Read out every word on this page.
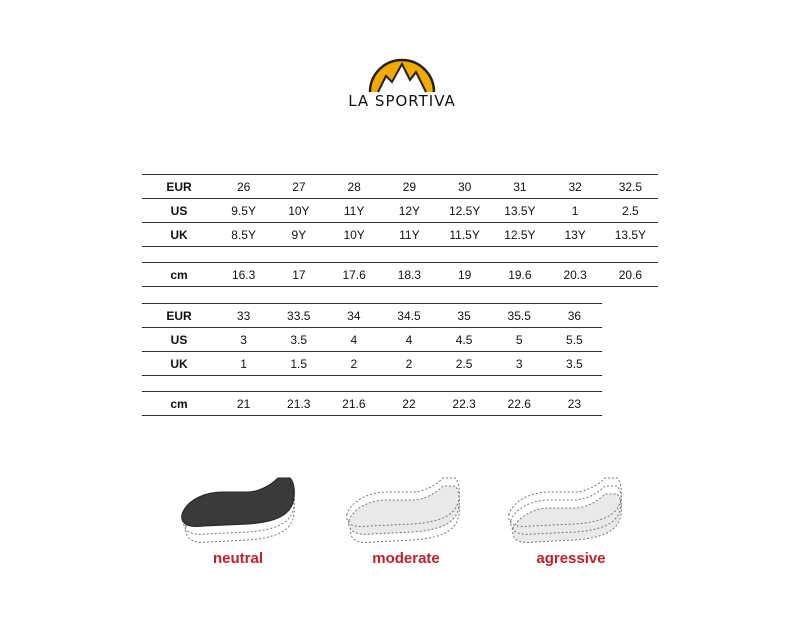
LA SPORTIVA
EUR	26	27	28	29	30	31	32	32.5
US	9.5Y	10Y	11Y	12Y	12.5Y	13.5Y	1	2.5
UK	8.5Y	9Y	10Y	11Y	11.5Y	12.5Y	13Y	13.5Y

cm	16.3	17	17.6	18.3	19	19.6	20.3	20.6
EUR	33	33.5	34	34.5	35	35.5	36
US	3	3.5	4	4	4.5	5	5.5
UK	1	1.5	2	2	2.5	3	3.5

cm	21	21.3	21.6	22	22.3	22.6	23
neutral	moderate	agressive
